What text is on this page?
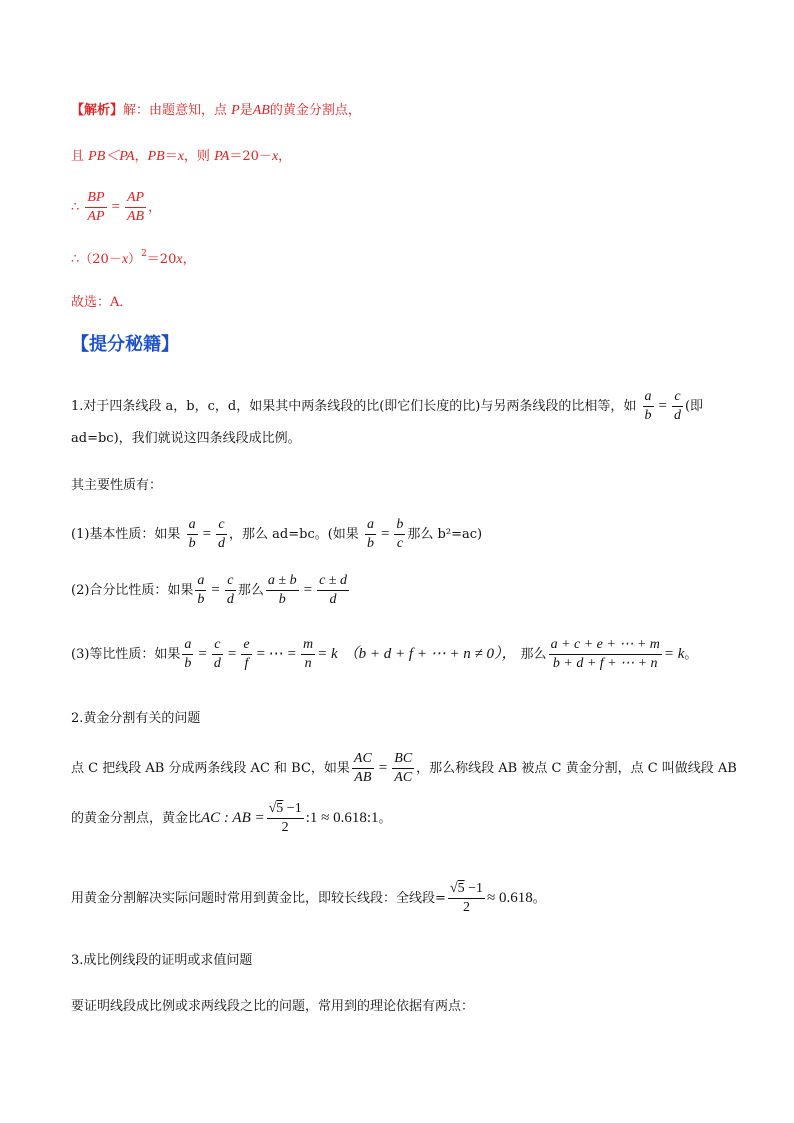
【解析】解：由题意知，点 P是AB的黄金分割点，
且 PB＜PA，PB＝x，则 PA＝20－x，
∴ $\frac{BP}{AP} = \frac{AP}{AB}$ ，
$\therefore(20-x)^2=20x$，
故选：A．
【提分秘籍】
1.对于四条线段 a，b，c，d，如果其中两条线段的比(即它们长度的比)与另两条线段的比相等，如 $\frac{a}{b} = \frac{c}{d}$ (即
ad=bc)，我们就说这四条线段成比例。
其主要性质有：
(1)基本性质：如果 $\frac{a}{b} = \frac{c}{d}$ ，那么 ad=bc。(如果 $\frac{a}{b} = \frac{b}{c}$ 那么 b²=ac)
(2)合分比性质：如果 $\frac{a}{b} = \frac{c}{d}$ 那么 $\frac{a \pm b}{b} = \frac{c \pm d}{d}$
(3)等比性质：如果 $\frac{a}{b} = \frac{c}{d} = \frac{e}{f}$ = ⋯ = $\frac{m}{n} = k$ （b + d + f + ⋯ + n ≠ 0）， 那么 $\frac{a + c + e + \cdots + m}{b + d + f + \cdots + n} = k$。
2.黄金分割有关的问题
点 C 把线段 AB 分成两条线段 AC 和 BC，如果 $\frac{AC}{AB} = \frac{BC}{AC}$ ，那么称线段 AB 被点 C 黄金分割，点 C 叫做线段 AB
的黄金分割点，黄金比AC : AB = $\frac{√5 -1}{2}$ :1 ≈ 0.618:1。
用黄金分割解决实际问题时常用到黄金比，即较长线段：全线段= $\frac{√5 -1}{2} \approx 0.618$。
3.成比例线段的证明或求值问题
要证明线段成比例或求两线段之比的问题，常用到的理论依据有两点：
